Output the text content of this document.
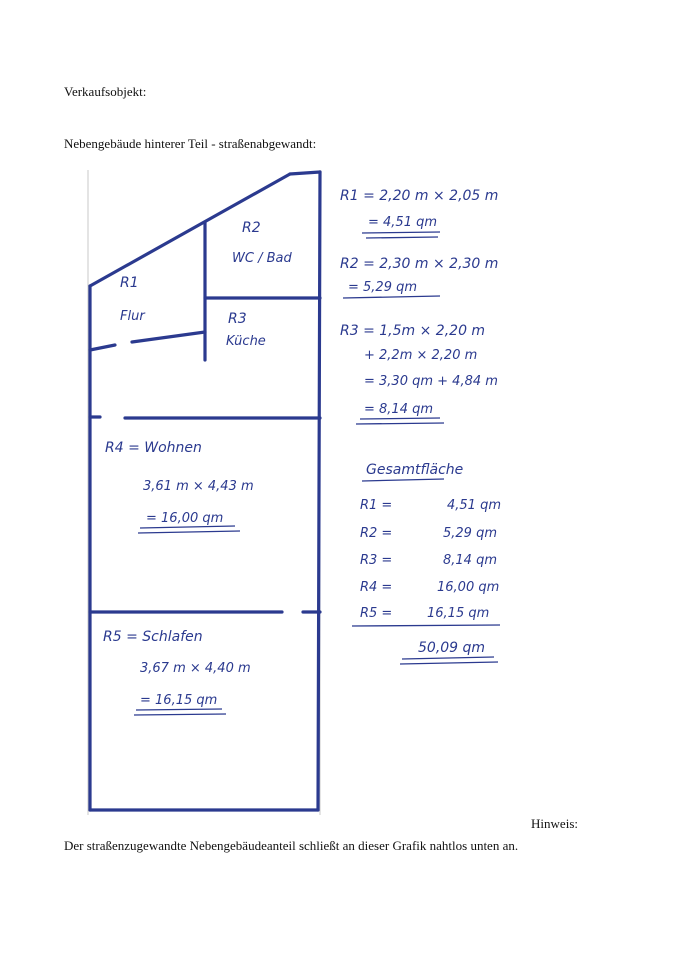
Verkaufsobjekt:
Nebengebäude hinterer Teil - straßenabgewandt:
R1
Flur
R2
WC / Bad
R3
Küche
R4 = Wohnen
3,61 m × 4,43 m
= 16,00 qm
R5 = Schlafen
3,67 m × 4,40 m
= 16,15 qm
R1 = 2,20 m × 2,05 m
= 4,51 qm
R2 = 2,30 m × 2,30 m
= 5,29 qm
R3 = 1,5m × 2,20 m
+ 2,2m × 2,20 m
= 3,30 qm + 4,84 m
= 8,14 qm
Gesamtfläche
R1 =	4,51 qm
R2 =	5,29 qm
R3 =	8,14 qm
R4 =	16,00 qm
R5 =	16,15 qm
50,09 qm
Hinweis:
Der straßenzugewandte Nebengebäudeanteil schließt an dieser Grafik nahtlos unten an.
